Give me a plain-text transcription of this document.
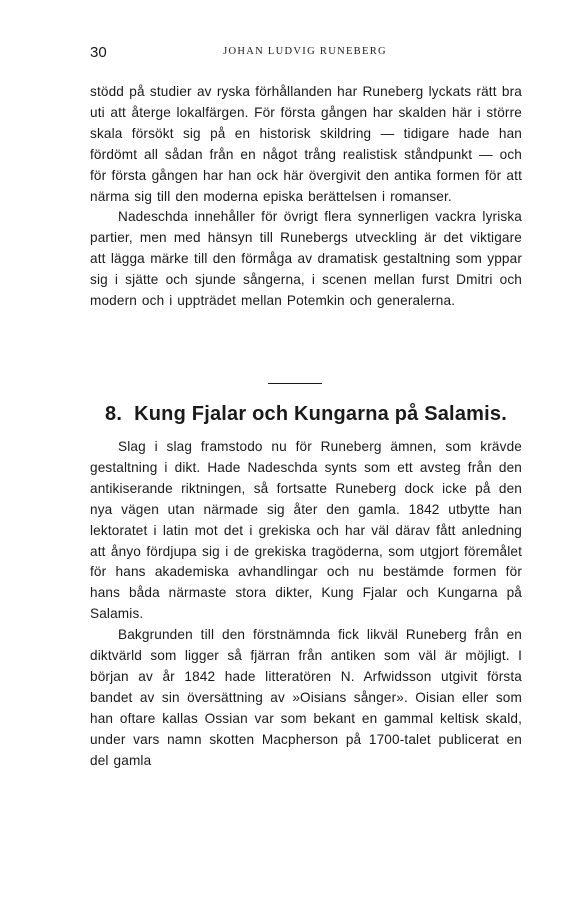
30	JOHAN LUDVIG RUNEBERG

stödd på studier av ryska förhållanden har Runeberg lyckats rätt bra uti att återge lokalfärgen. För första gången har skalden här i större skala försökt sig på en historisk skildring — tidigare hade han fördömt all sådan från en något trång realistisk ståndpunkt — och för första gången har han ock här övergivit den antika formen för att närma sig till den moderna episka berättelsen i romanser.

Nadeschda innehåller för övrigt flera synnerligen vackra lyriska partier, men med hänsyn till Runebergs utveckling är det viktigare att lägga märke till den förmåga av dramatisk gestaltning som yppar sig i sjätte och sjunde sångerna, i scenen mellan furst Dmitri och modern och i uppträdet mellan Potemkin och generalerna.

8. Kung Fjalar och Kungarna på Salamis.

Slag i slag framstodo nu för Runeberg ämnen, som krävde gestaltning i dikt. Hade Nadeschda synts som ett avsteg från den antikiserande riktningen, så fortsatte Runeberg dock icke på den nya vägen utan närmade sig åter den gamla. 1842 utbytte han lektoratet i latin mot det i grekiska och har väl därav fått anledning att ånyo fördjupa sig i de grekiska tragöderna, som utgjort föremålet för hans akademiska avhandlingar och nu bestämde formen för hans båda närmaste stora dikter, Kung Fjalar och Kungarna på Salamis.

Bakgrunden till den förstnämnda fick likväl Runeberg från en diktvärld som ligger så fjärran från antiken som väl är möjligt. I början av år 1842 hade litteratören N. Arfwidsson utgivit första bandet av sin översättning av »Oisians sånger». Oisian eller som han oftare kallas Ossian var som bekant en gammal keltisk skald, under vars namn skotten Macpherson på 1700-talet publicerat en del gamla
